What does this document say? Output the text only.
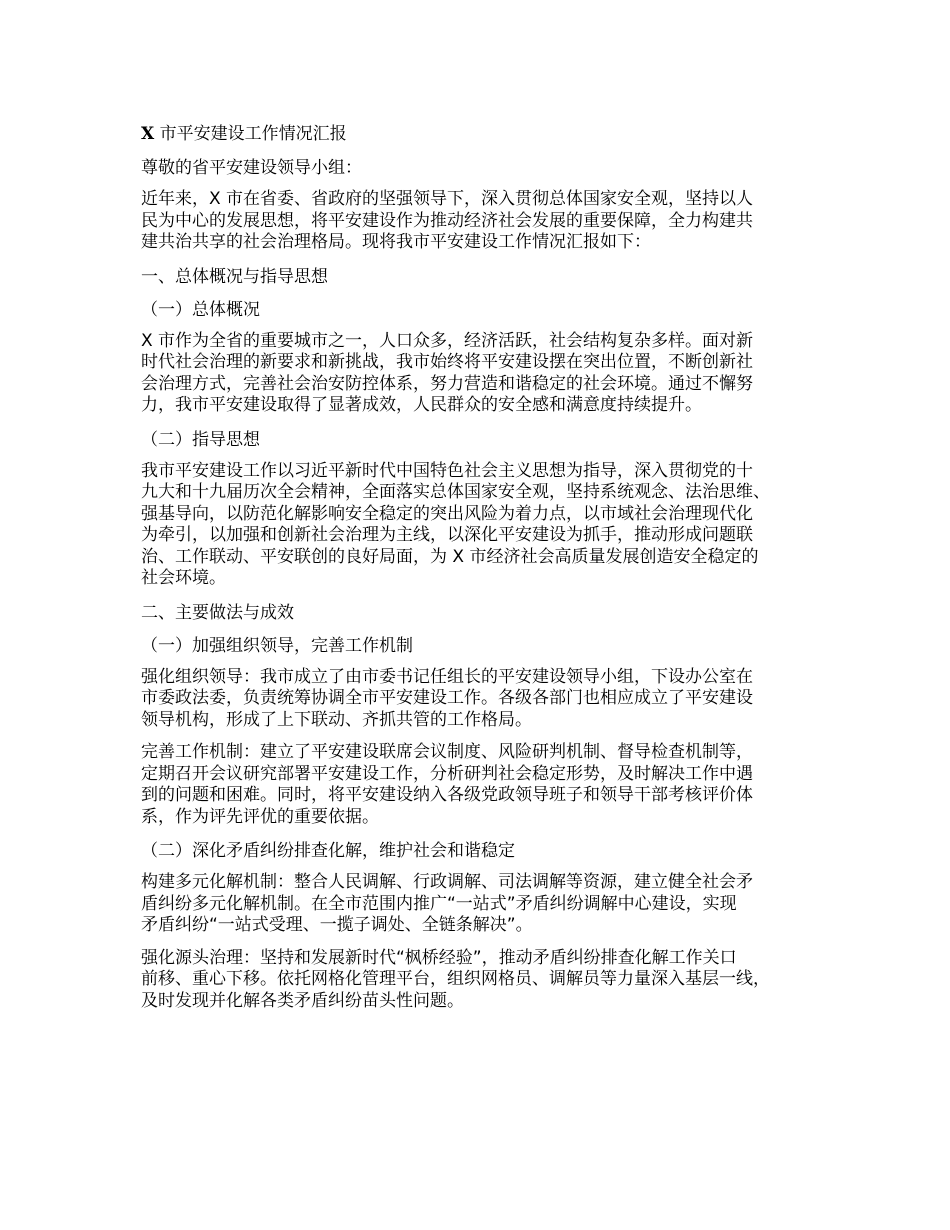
X 市平安建设工作情况汇报

尊敬的省平安建设领导小组：

近年来，X 市在省委、省政府的坚强领导下，深入贯彻总体国家安全观，坚持以人
民为中心的发展思想，将平安建设作为推动经济社会发展的重要保障，全力构建共
建共治共享的社会治理格局。现将我市平安建设工作情况汇报如下：

一、总体概况与指导思想

（一）总体概况

X 市作为全省的重要城市之一，人口众多，经济活跃，社会结构复杂多样。面对新
时代社会治理的新要求和新挑战，我市始终将平安建设摆在突出位置，不断创新社
会治理方式，完善社会治安防控体系，努力营造和谐稳定的社会环境。通过不懈努
力，我市平安建设取得了显著成效，人民群众的安全感和满意度持续提升。

（二）指导思想

我市平安建设工作以习近平新时代中国特色社会主义思想为指导，深入贯彻党的十
九大和十九届历次全会精神，全面落实总体国家安全观，坚持系统观念、法治思维、
强基导向，以防范化解影响安全稳定的突出风险为着力点，以市域社会治理现代化
为牵引，以加强和创新社会治理为主线，以深化平安建设为抓手，推动形成问题联
治、工作联动、平安联创的良好局面，为 X 市经济社会高质量发展创造安全稳定的
社会环境。

二、主要做法与成效

（一）加强组织领导，完善工作机制

强化组织领导：我市成立了由市委书记任组长的平安建设领导小组，下设办公室在
市委政法委，负责统筹协调全市平安建设工作。各级各部门也相应成立了平安建设
领导机构，形成了上下联动、齐抓共管的工作格局。

完善工作机制：建立了平安建设联席会议制度、风险研判机制、督导检查机制等，
定期召开会议研究部署平安建设工作，分析研判社会稳定形势，及时解决工作中遇
到的问题和困难。同时，将平安建设纳入各级党政领导班子和领导干部考核评价体
系，作为评先评优的重要依据。

（二）深化矛盾纠纷排查化解，维护社会和谐稳定

构建多元化解机制：整合人民调解、行政调解、司法调解等资源，建立健全社会矛
盾纠纷多元化解机制。在全市范围内推广“一站式”矛盾纠纷调解中心建设，实现
矛盾纠纷“一站式受理、一揽子调处、全链条解决”。

强化源头治理：坚持和发展新时代“枫桥经验”，推动矛盾纠纷排查化解工作关口
前移、重心下移。依托网格化管理平台，组织网格员、调解员等力量深入基层一线，
及时发现并化解各类矛盾纠纷苗头性问题。
